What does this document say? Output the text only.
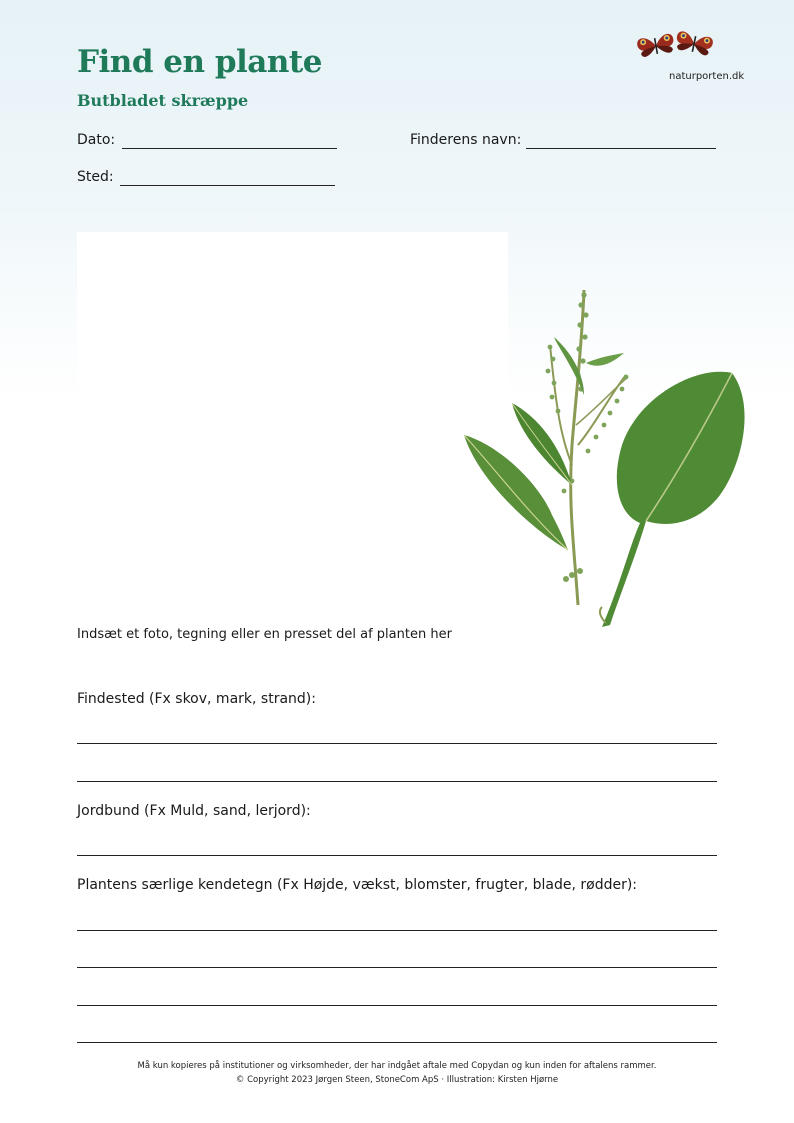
Find en plante
Butbladet skræppe
naturporten.dk
Dato:	Finderens navn:
Sted:
Indsæt et foto, tegning eller en presset del af planten her
Findested (Fx skov, mark, strand):
Jordbund (Fx Muld, sand, lerjord):
Plantens særlige kendetegn (Fx Højde, vækst, blomster, frugter, blade, rødder):
Må kun kopieres på institutioner og virksomheder, der har indgået aftale med Copydan og kun inden for aftalens rammer.
© Copyright 2023 Jørgen Steen, StoneCom ApS · Illustration: Kirsten Hjørne
